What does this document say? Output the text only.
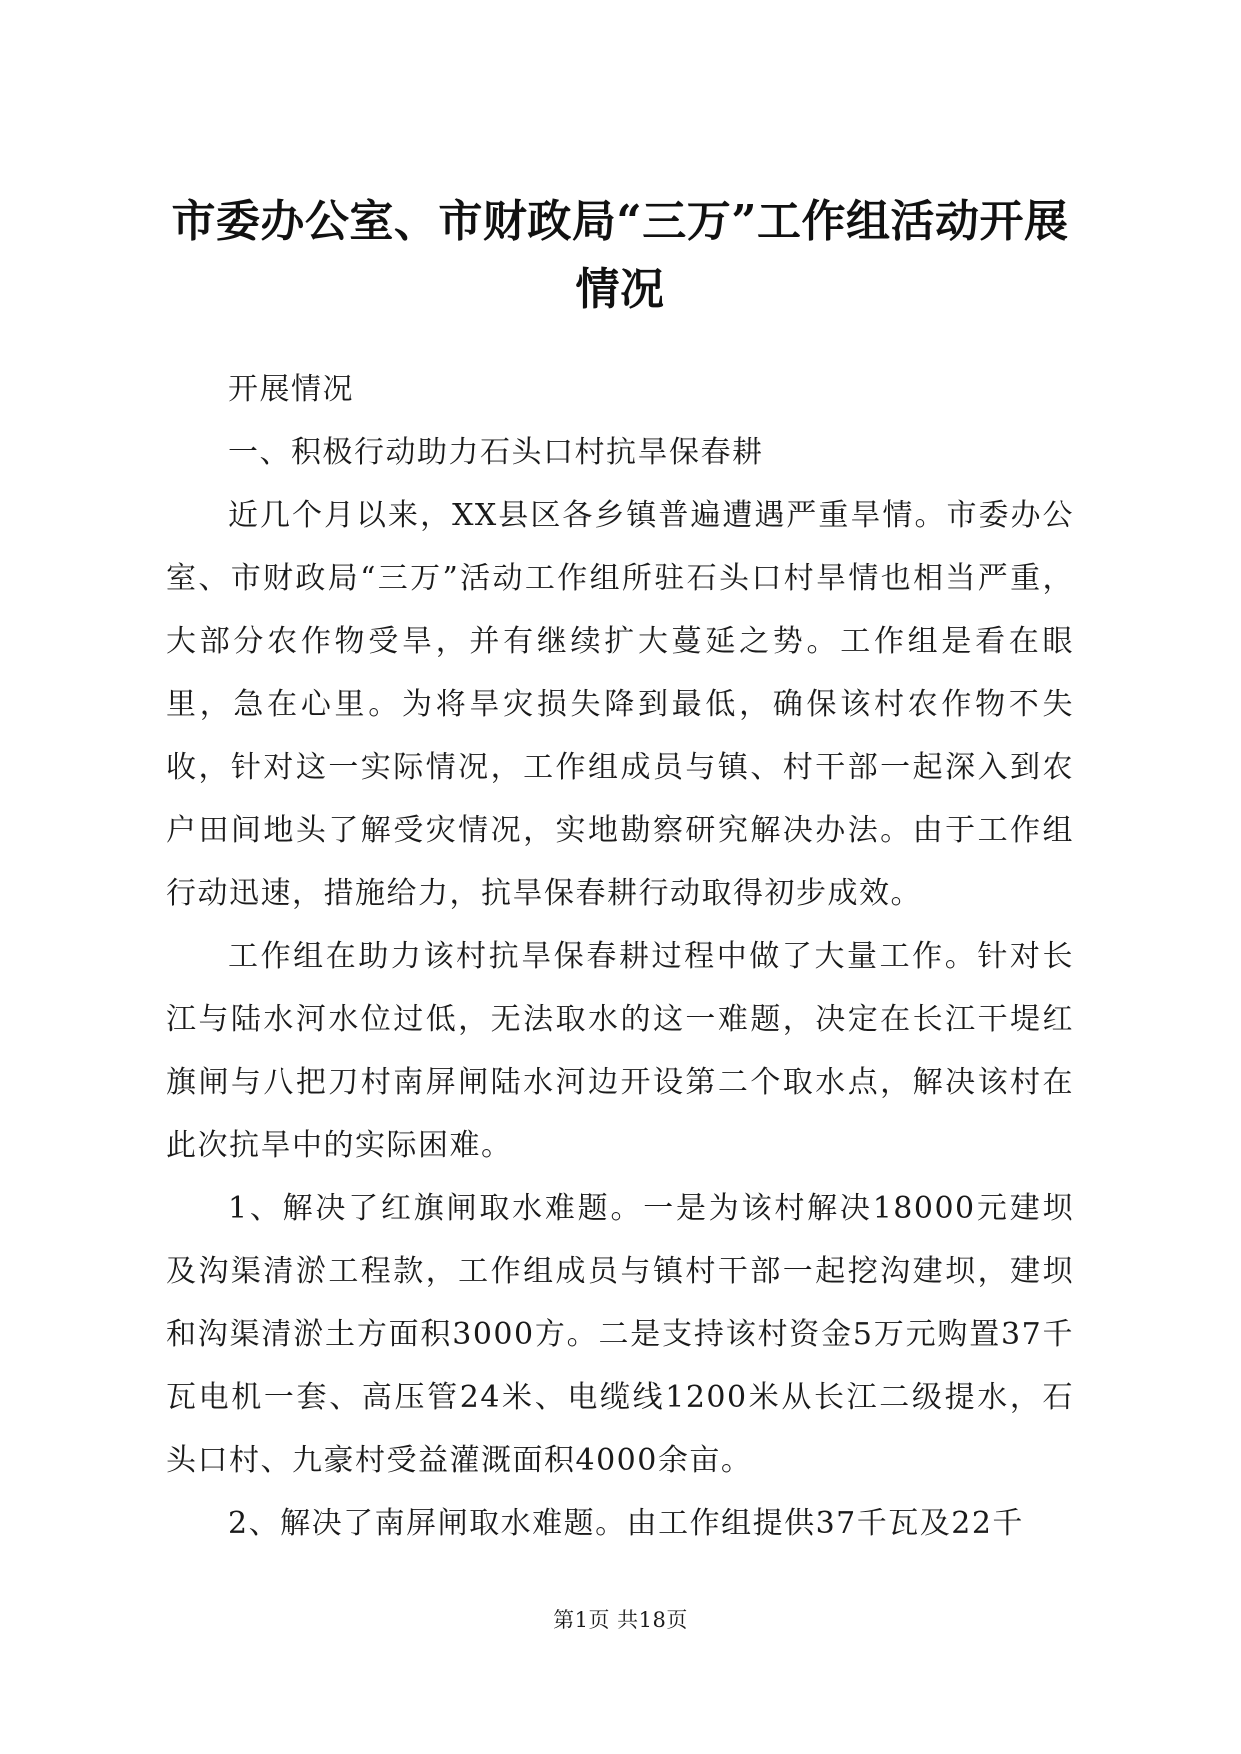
市委办公室、市财政局“三万”工作组活动开展情况

开展情况

一、积极行动助力石头口村抗旱保春耕

近几个月以来，XX县区各乡镇普遍遭遇严重旱情。市委办公室、市财政局“三万”活动工作组所驻石头口村旱情也相当严重，大部分农作物受旱，并有继续扩大蔓延之势。工作组是看在眼里，急在心里。为将旱灾损失降到最低，确保该村农作物不失收，针对这一实际情况，工作组成员与镇、村干部一起深入到农户田间地头了解受灾情况，实地勘察研究解决办法。由于工作组行动迅速，措施给力，抗旱保春耕行动取得初步成效。

工作组在助力该村抗旱保春耕过程中做了大量工作。针对长江与陆水河水位过低，无法取水的这一难题，决定在长江干堤红旗闸与八把刀村南屏闸陆水河边开设第二个取水点，解决该村在此次抗旱中的实际困难。

1、解决了红旗闸取水难题。一是为该村解决18000元建坝及沟渠清淤工程款，工作组成员与镇村干部一起挖沟建坝，建坝和沟渠清淤土方面积3000方。二是支持该村资金5万元购置37千瓦电机一套、高压管24米、电缆线1200米从长江二级提水，石头口村、九豪村受益灌溉面积4000余亩。

2、解决了南屏闸取水难题。由工作组提供37千瓦及22千

第1页 共18页
